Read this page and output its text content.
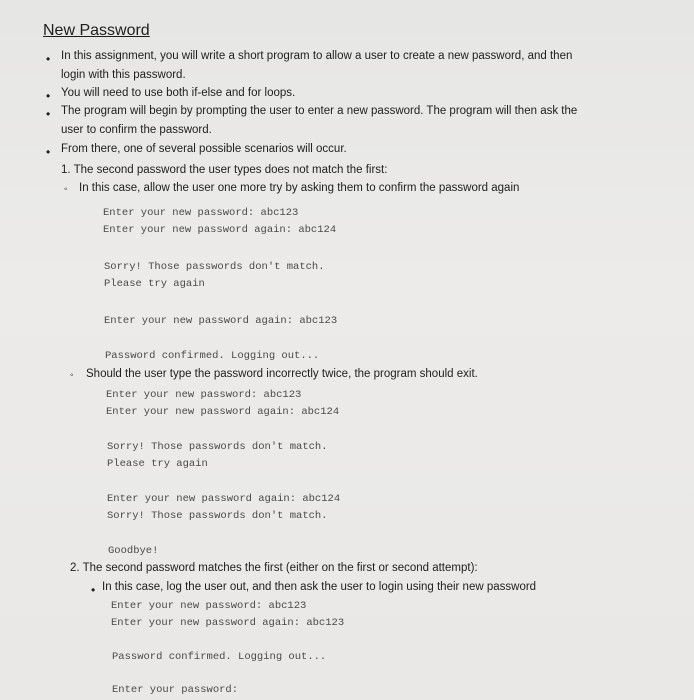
New Password
• In this assignment, you will write a short program to allow a user to create a new password, and then
login with this password.
• You will need to use both if-else and for loops.
• The program will begin by prompting the user to enter a new password. The program will then ask the
user to confirm the password.
• From there, one of several possible scenarios will occur.
1. The second password the user types does not match the first:
◦ In this case, allow the user one more try by asking them to confirm the password again
Enter your new password: abc123
Enter your new password again: abc124
Sorry! Those passwords don't match.
Please try again
Enter your new password again: abc123
Password confirmed. Logging out...
◦ Should the user type the password incorrectly twice, the program should exit.
Enter your new password: abc123
Enter your new password again: abc124
Sorry! Those passwords don't match.
Please try again
Enter your new password again: abc124
Sorry! Those passwords don't match.
Goodbye!
2. The second password matches the first (either on the first or second attempt):
• In this case, log the user out, and then ask the user to login using their new password
Enter your new password: abc123
Enter your new password again: abc123
Password confirmed. Logging out...
Enter your password:
